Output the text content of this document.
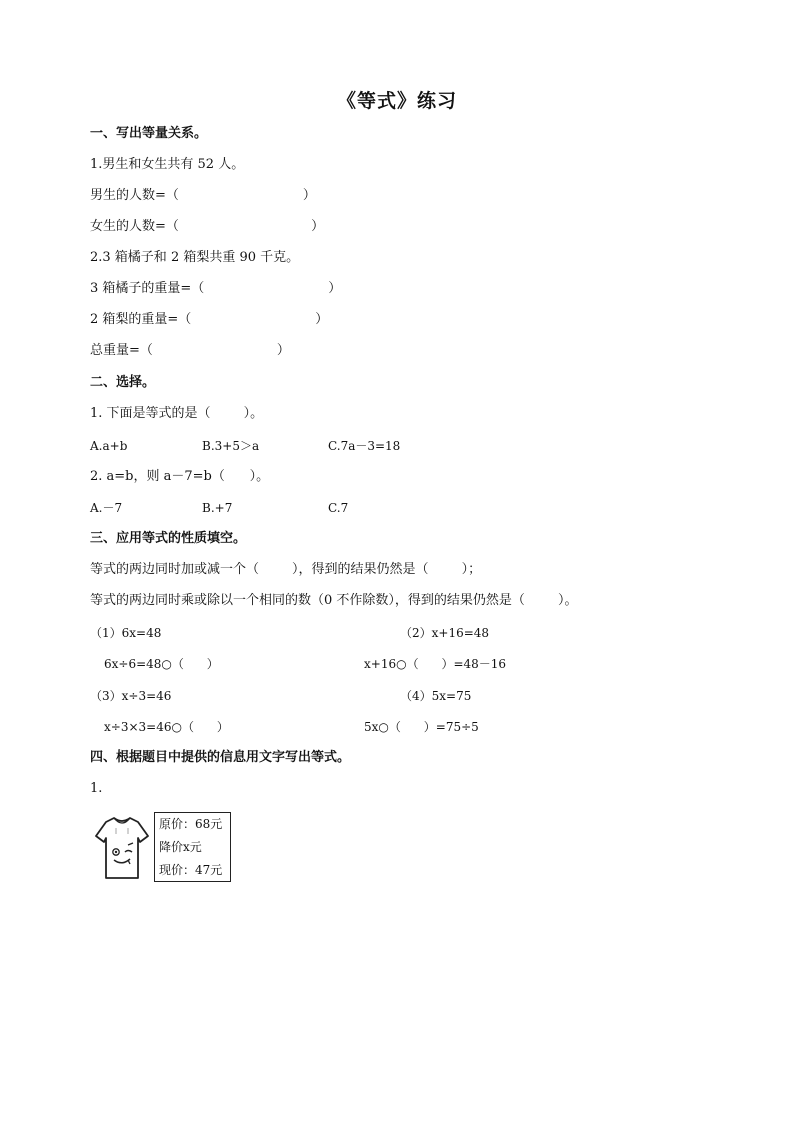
《等式》练习
一、写出等量关系。
1.男生和女生共有 52 人。
男生的人数=（                              ）
女生的人数=（                                ）
2.3 箱橘子和 2 箱梨共重 90 千克。
3 箱橘子的重量=（                              ）
2 箱梨的重量=（                              ）
总重量=（                              ）
二、选择。
1. 下面是等式的是（        ）。
A.a+b	B.3+5＞a	C.7a－3=18
2. a=b，则 a－7=b（      ）。
A.－7	B.+7	C.7
三、应用等式的性质填空。
等式的两边同时加或减一个（        ），得到的结果仍然是（        ）；
等式的两边同时乘或除以一个相同的数（0 不作除数），得到的结果仍然是（        ）。
（1）6x=48	（2）x+16=48
6x÷6=48○（      ）	x+16○（      ）=48－16
（3）x÷3=46	（4）5x=75
x÷3×3=46○（      ）	5x○（      ）=75÷5
四、根据题目中提供的信息用文字写出等式。
1.
原价：68元
降价x元
现价：47元
